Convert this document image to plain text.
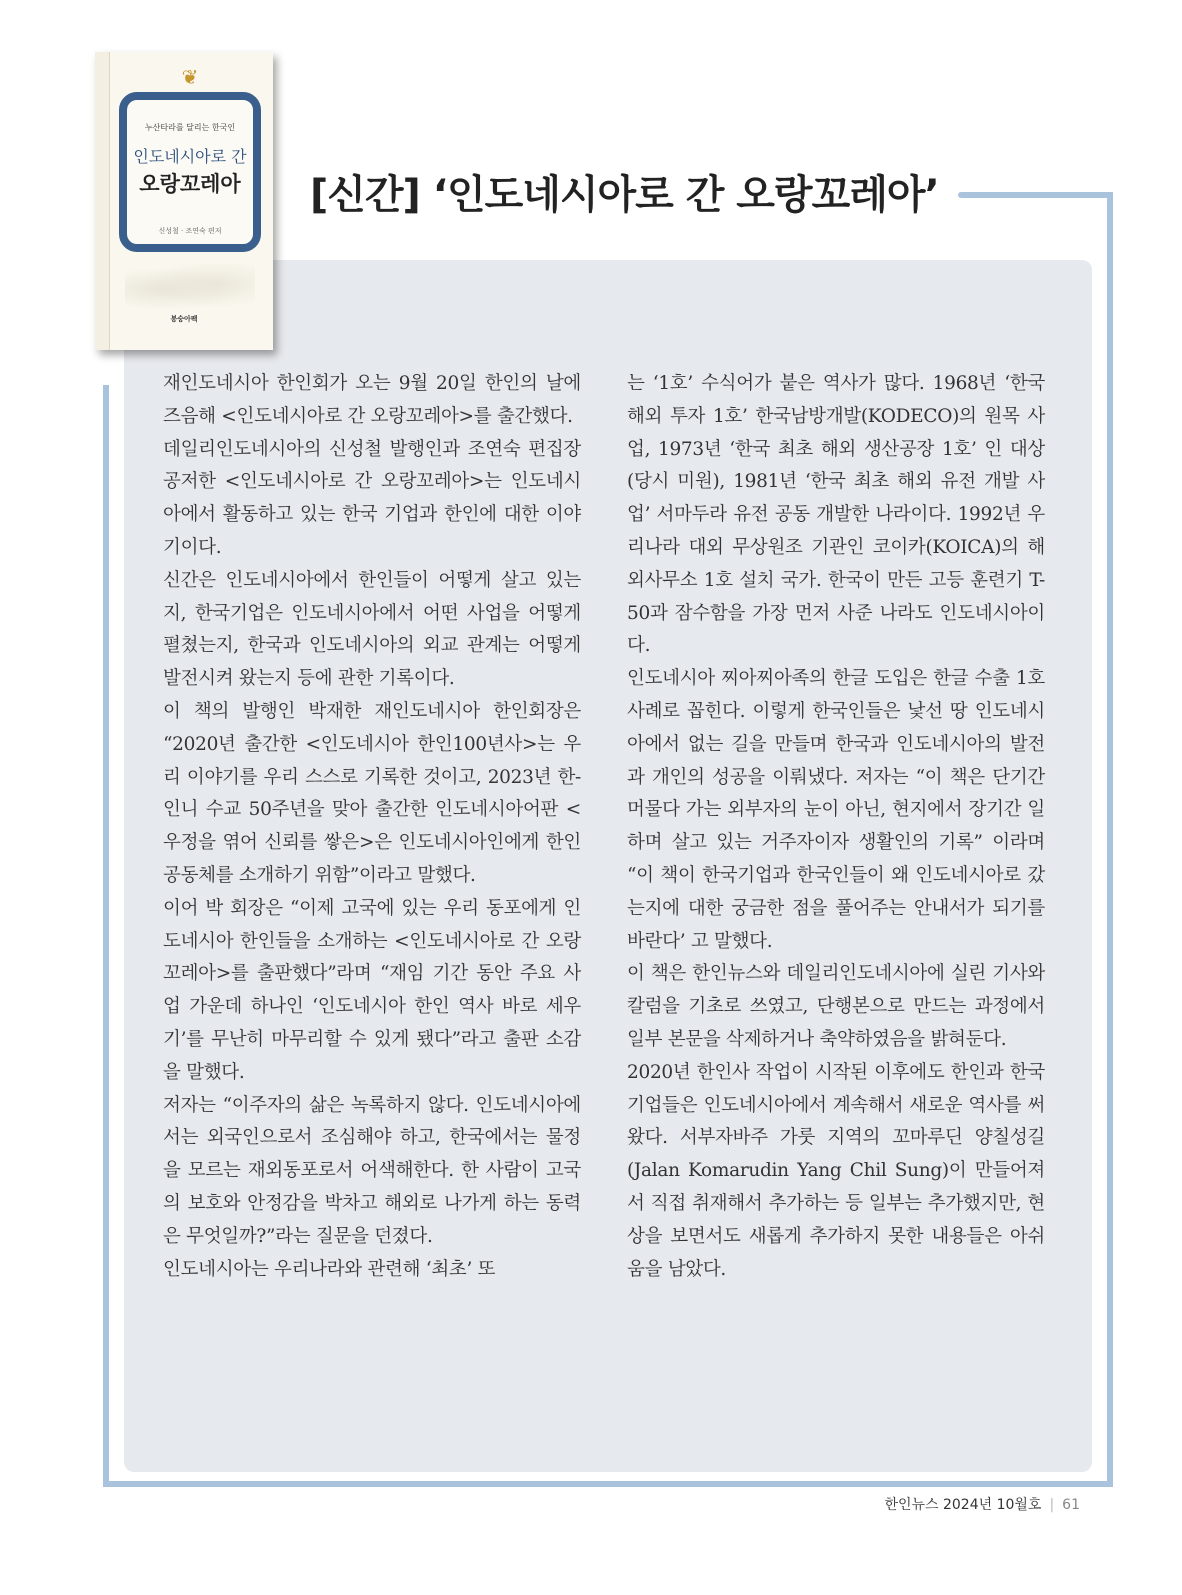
❦
누산타라를 달리는 한국인
인도네시아로 간
오랑꼬레아
신성철 · 조연숙 편저
봉숭아팩
[신간] ‘인도네시아로 간 오랑꼬레아’

재인도네시아 한인회가 오는 9월 20일 한인의 날에 즈음해 <인도네시아로 간 오랑꼬레아>를 출간했다.

데일리인도네시아의 신성철 발행인과 조연숙 편집장 공저한 <인도네시아로 간 오랑꼬레아>는 인도네시아에서 활동하고 있는 한국 기업과 한인에 대한 이야기이다.

신간은 인도네시아에서 한인들이 어떻게 살고 있는지, 한국기업은 인도네시아에서 어떤 사업을 어떻게 펼쳤는지, 한국과 인도네시아의 외교 관계는 어떻게 발전시켜 왔는지 등에 관한 기록이다.

이 책의 발행인 박재한 재인도네시아 한인회장은 “2020년 출간한 <인도네시아 한인100년사>는 우리 이야기를 우리 스스로 기록한 것이고, 2023년 한-인니 수교 50주년을 맞아 출간한 인도네시아어판 <우정을 엮어 신뢰를 쌓은>은 인도네시아인에게 한인공동체를 소개하기 위함”이라고 말했다.

이어 박 회장은 “이제 고국에 있는 우리 동포에게 인도네시아 한인들을 소개하는 <인도네시아로 간 오랑꼬레아>를 출판했다”라며 “재임 기간 동안 주요 사업 가운데 하나인 ‘인도네시아 한인 역사 바로 세우기’를 무난히 마무리할 수 있게 됐다”라고 출판 소감을 말했다.

저자는 “이주자의 삶은 녹록하지 않다. 인도네시아에서는 외국인으로서 조심해야 하고, 한국에서는 물정을 모르는 재외동포로서 어색해한다. 한 사람이 고국의 보호와 안정감을 박차고 해외로 나가게 하는 동력은 무엇일까?”라는 질문을 던졌다.

인도네시아는 우리나라와 관련해 ‘최초’ 또

는 ‘1호’ 수식어가 붙은 역사가 많다. 1968년 ‘한국 해외 투자 1호’ 한국남방개발(KODECO)의 원목 사업, 1973년 ‘한국 최초 해외 생산공장 1호’ 인 대상(당시 미원), 1981년 ‘한국 최초 해외 유전 개발 사업’ 서마두라 유전 공동 개발한 나라이다. 1992년 우리나라 대외 무상원조 기관인 코이카(KOICA)의 해외사무소 1호 설치 국가. 한국이 만든 고등 훈련기 T-50과 잠수함을 가장 먼저 사준 나라도 인도네시아이다.

인도네시아 찌아찌아족의 한글 도입은 한글 수출 1호 사례로 꼽힌다. 이렇게 한국인들은 낯선 땅 인도네시아에서 없는 길을 만들며 한국과 인도네시아의 발전과 개인의 성공을 이뤄냈다. 저자는 “이 책은 단기간 머물다 가는 외부자의 눈이 아닌, 현지에서 장기간 일하며 살고 있는 거주자이자 생활인의 기록” 이라며 “이 책이 한국기업과 한국인들이 왜 인도네시아로 갔는지에 대한 궁금한 점을 풀어주는 안내서가 되기를 바란다’ 고 말했다.

이 책은 한인뉴스와 데일리인도네시아에 실린 기사와 칼럼을 기초로 쓰였고, 단행본으로 만드는 과정에서 일부 본문을 삭제하거나 축약하였음을 밝혀둔다.

2020년 한인사 작업이 시작된 이후에도 한인과 한국기업들은 인도네시아에서 계속해서 새로운 역사를 써왔다. 서부자바주 가룻 지역의 꼬마루딘 양칠성길(Jalan Komarudin Yang Chil Sung)이 만들어져서 직접 취재해서 추가하는 등 일부는 추가했지만, 현상을 보면서도 새롭게 추가하지 못한 내용들은 아쉬움을 남았다.

한인뉴스 2024년 10월호 | 61
